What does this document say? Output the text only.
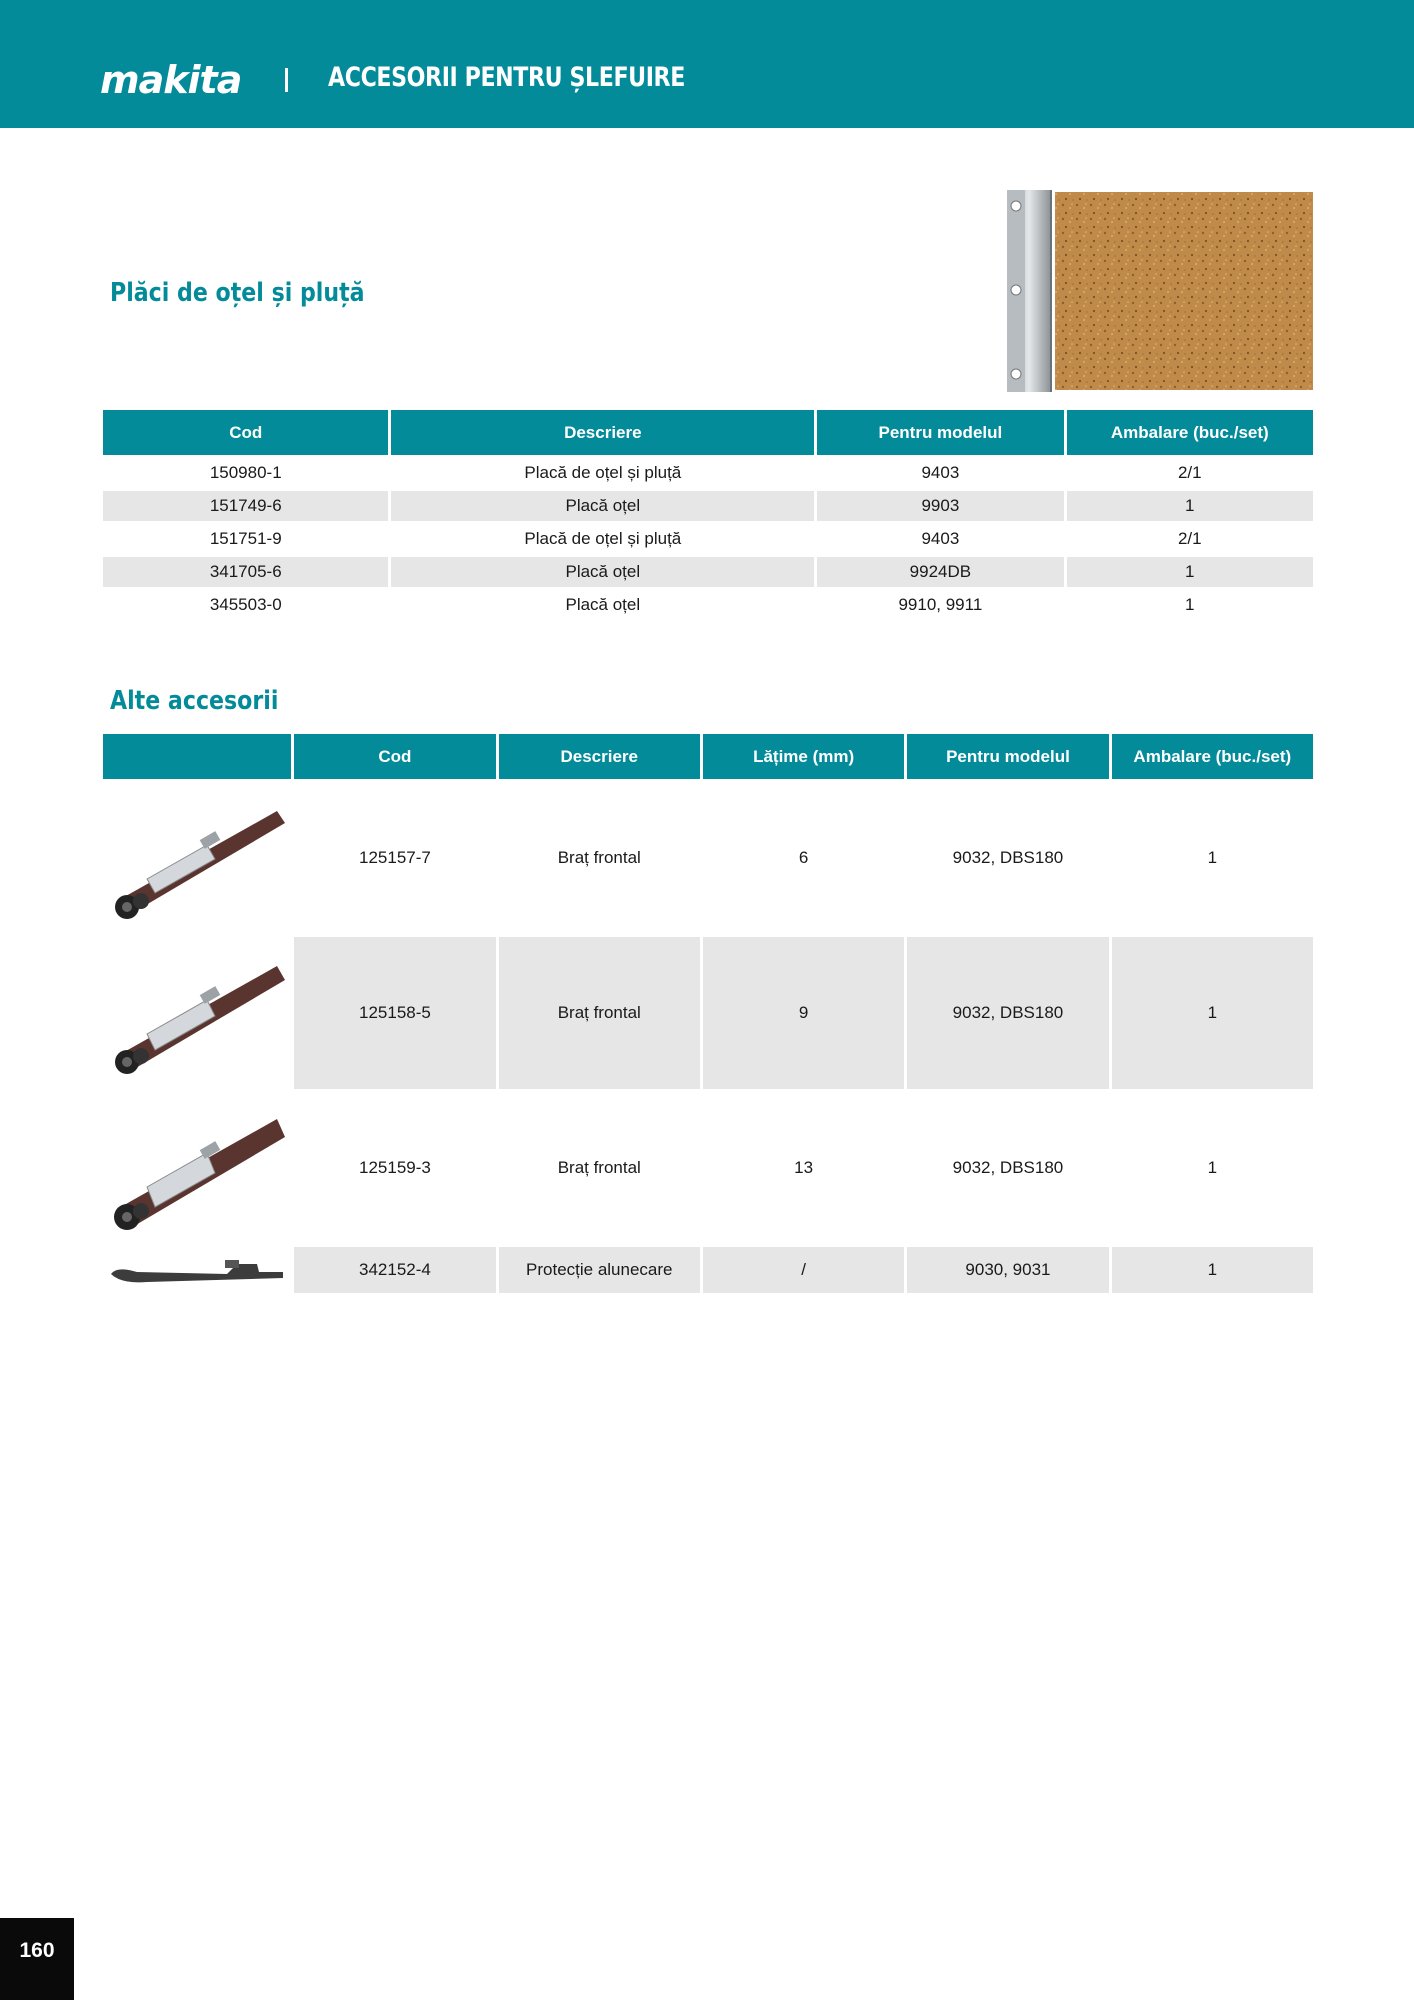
makita	ACCESORII PENTRU ȘLEFUIRE
Plăci de oțel și pluță
Cod	Descriere	Pentru modelul	Ambalare (buc./set)
150980-1	Placă de oțel și pluță	9403	2/1
151749-6	Placă oțel	9903	1
151751-9	Placă de oțel și pluță	9403	2/1
341705-6	Placă oțel	9924DB	1
345503-0	Placă oțel	9910, 9911	1
Alte accesorii
	Cod	Descriere	Lățime (mm)	Pentru modelul	Ambalare (buc./set)

	125157-7	Braț frontal	6	9032, DBS180	1

	125158-5	Braț frontal	9	9032, DBS180	1

	125159-3	Braț frontal	13	9032, DBS180	1

	342152-4	Protecție alunecare	/	9030, 9031	1
160
